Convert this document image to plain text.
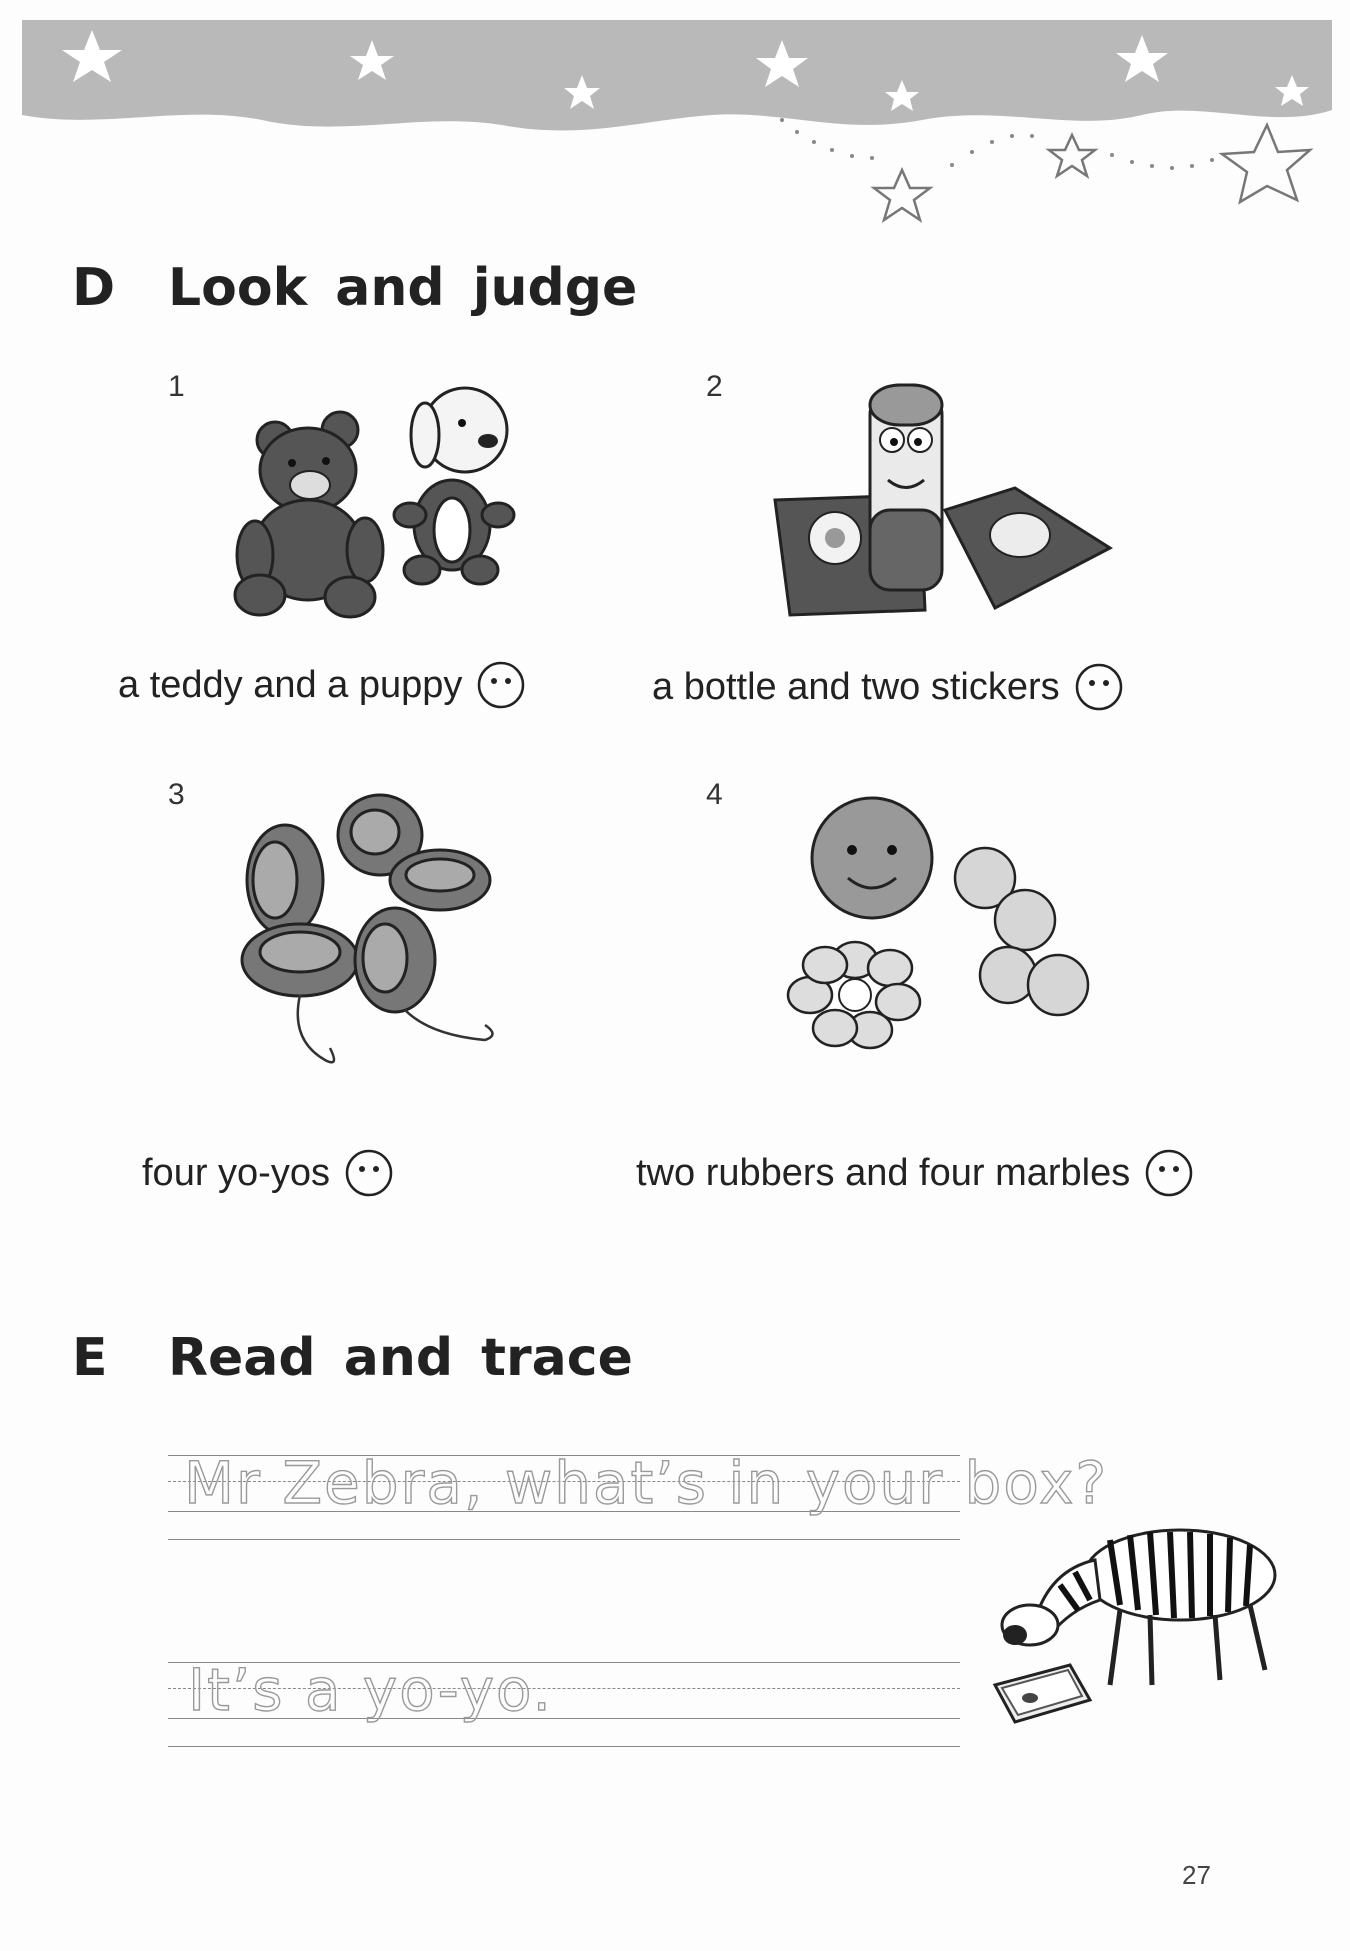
D Look and judge
1
a teddy and a puppy
2
a bottle and two stickers
3
four yo-yos
4
two rubbers and four marbles
E Read and trace
Mr Zebra, what’s in your box?
It’s a yo-yo.
27
